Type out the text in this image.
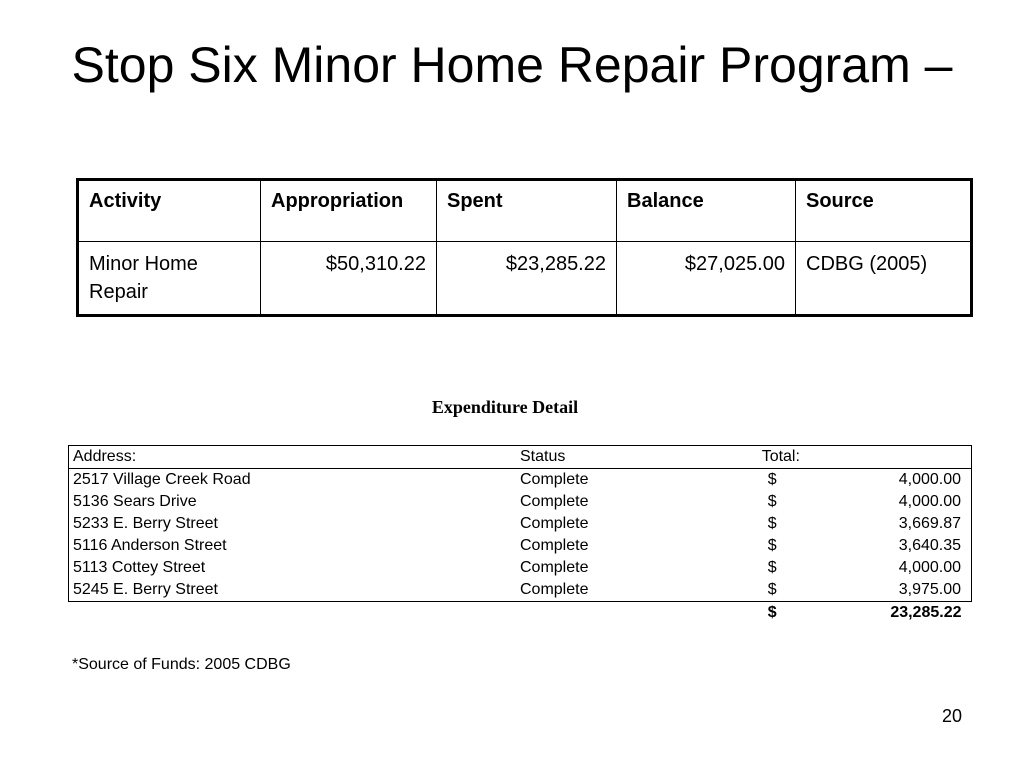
Stop Six Minor Home Repair Program –
Activity	Appropriation	Spent	Balance	Source
Minor Home Repair	$50,310.22	$23,285.22	$27,025.00	CDBG (2005)
Expenditure Detail
Address:	Status	Total:	
2517 Village Creek Road	Complete	$	4,000.00
5136 Sears Drive	Complete	$	4,000.00
5233 E. Berry Street	Complete	$	3,669.87
5116 Anderson Street	Complete	$	3,640.35
5113 Cottey Street	Complete	$	4,000.00
5245 E. Berry Street	Complete	$	3,975.00
		$	23,285.22
*Source of Funds: 2005 CDBG
20
